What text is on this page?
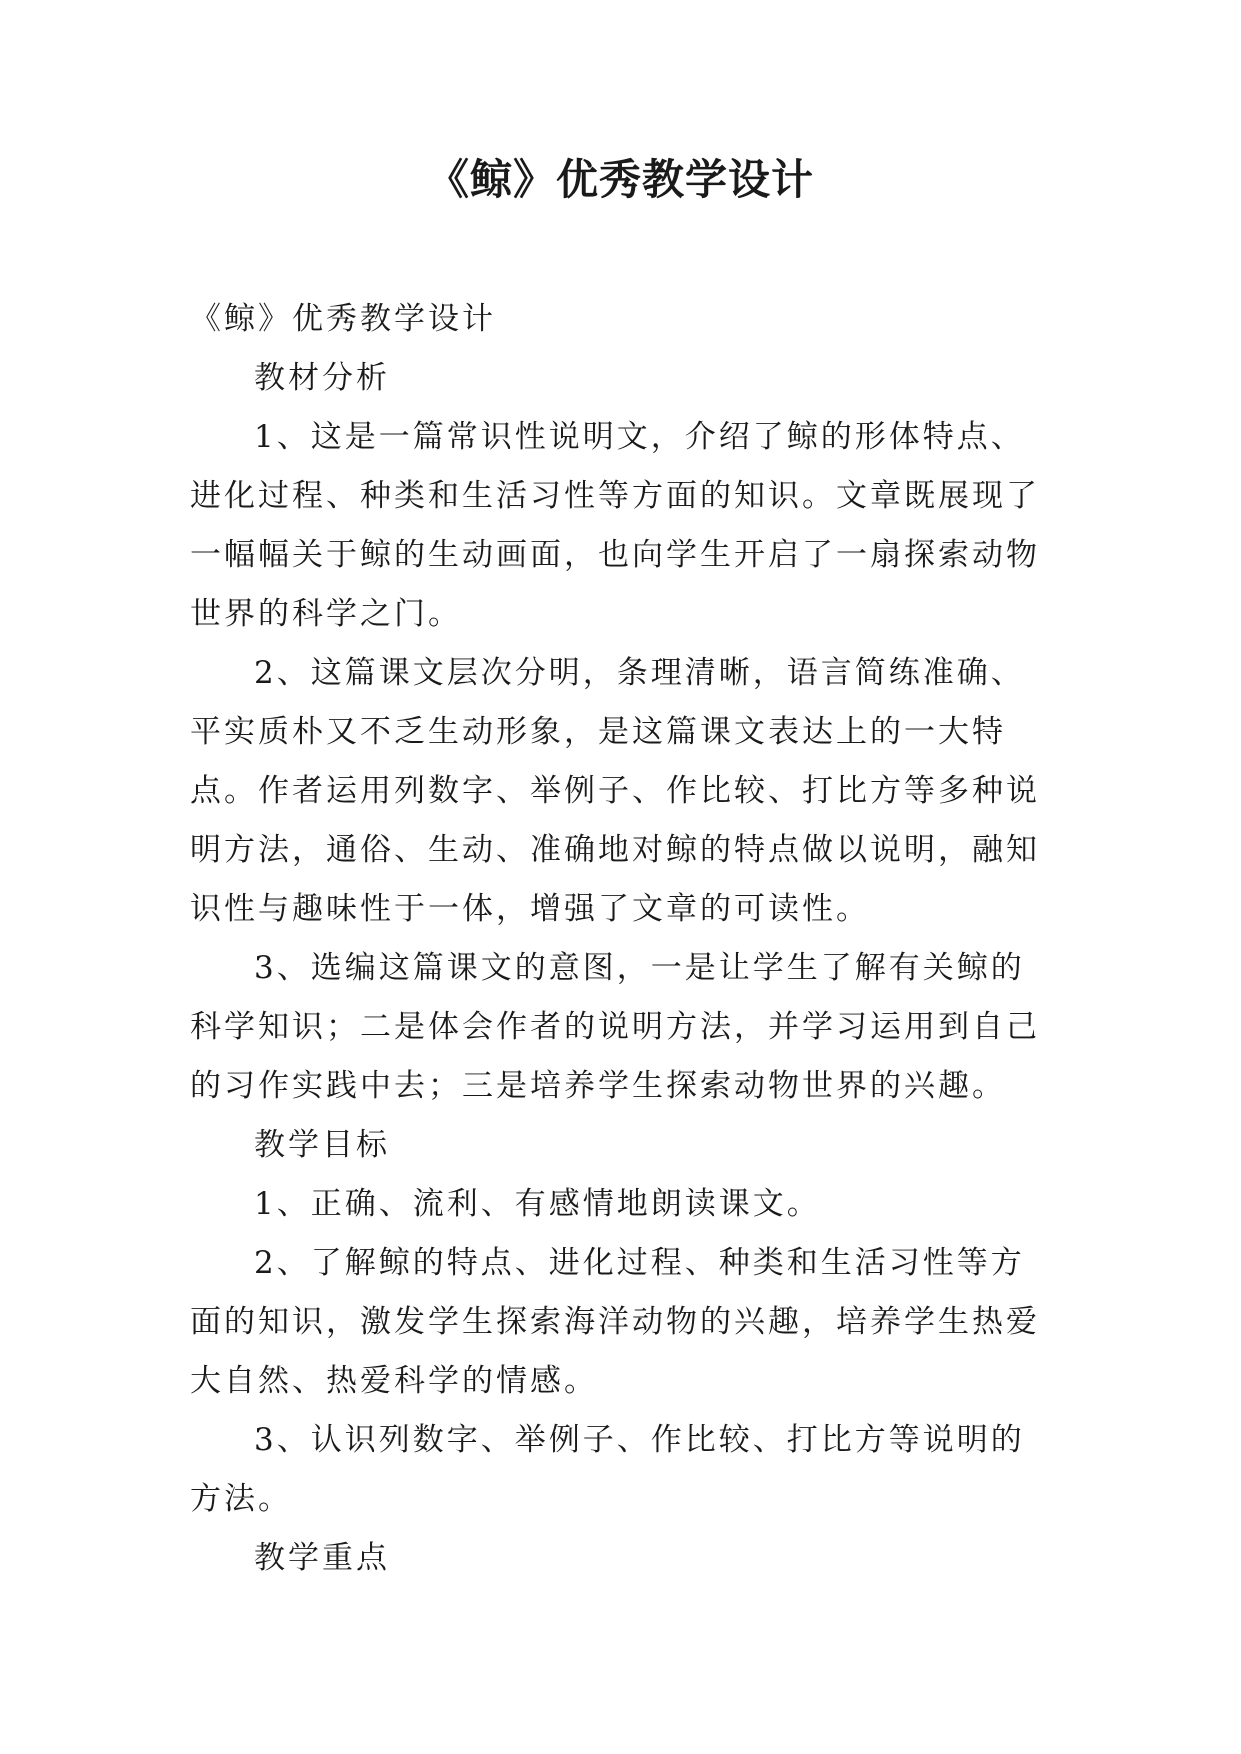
《鲸》优秀教学设计

《鲸》优秀教学设计

教材分析

1、这是一篇常识性说明文，介绍了鲸的形体特点、进化过程、种类和生活习性等方面的知识。文章既展现了一幅幅关于鲸的生动画面，也向学生开启了一扇探索动物世界的科学之门。

2、这篇课文层次分明，条理清晰，语言简练准确、平实质朴又不乏生动形象，是这篇课文表达上的一大特点。作者运用列数字、举例子、作比较、打比方等多种说明方法，通俗、生动、准确地对鲸的特点做以说明，融知识性与趣味性于一体，增强了文章的可读性。

3、选编这篇课文的意图，一是让学生了解有关鲸的科学知识；二是体会作者的说明方法，并学习运用到自己的习作实践中去；三是培养学生探索动物世界的兴趣。

教学目标

1、正确、流利、有感情地朗读课文。

2、了解鲸的特点、进化过程、种类和生活习性等方面的知识，激发学生探索海洋动物的兴趣，培养学生热爱大自然、热爱科学的情感。

3、认识列数字、举例子、作比较、打比方等说明的方法。

教学重点
